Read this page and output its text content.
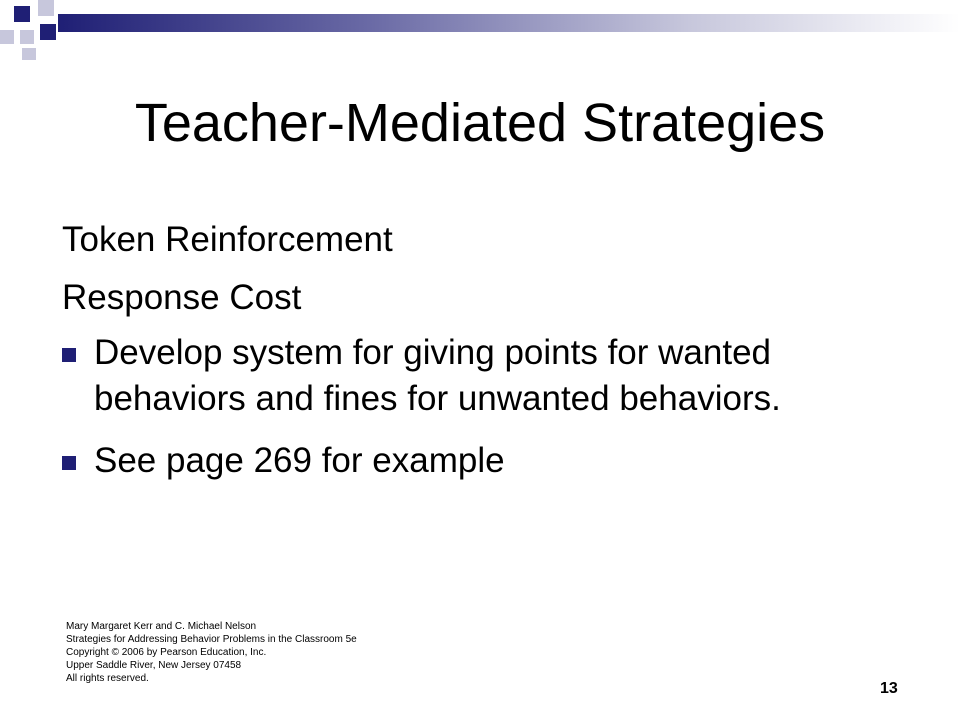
Teacher-Mediated Strategies

Token Reinforcement

Response Cost

Develop system for giving points for wanted behaviors and fines for unwanted behaviors.
See page 269 for example
Mary Margaret Kerr and C. Michael Nelson
Strategies for Addressing Behavior Problems in the Classroom 5e
Copyright © 2006 by Pearson Education, Inc.
Upper Saddle River, New Jersey 07458
All rights reserved.
13
